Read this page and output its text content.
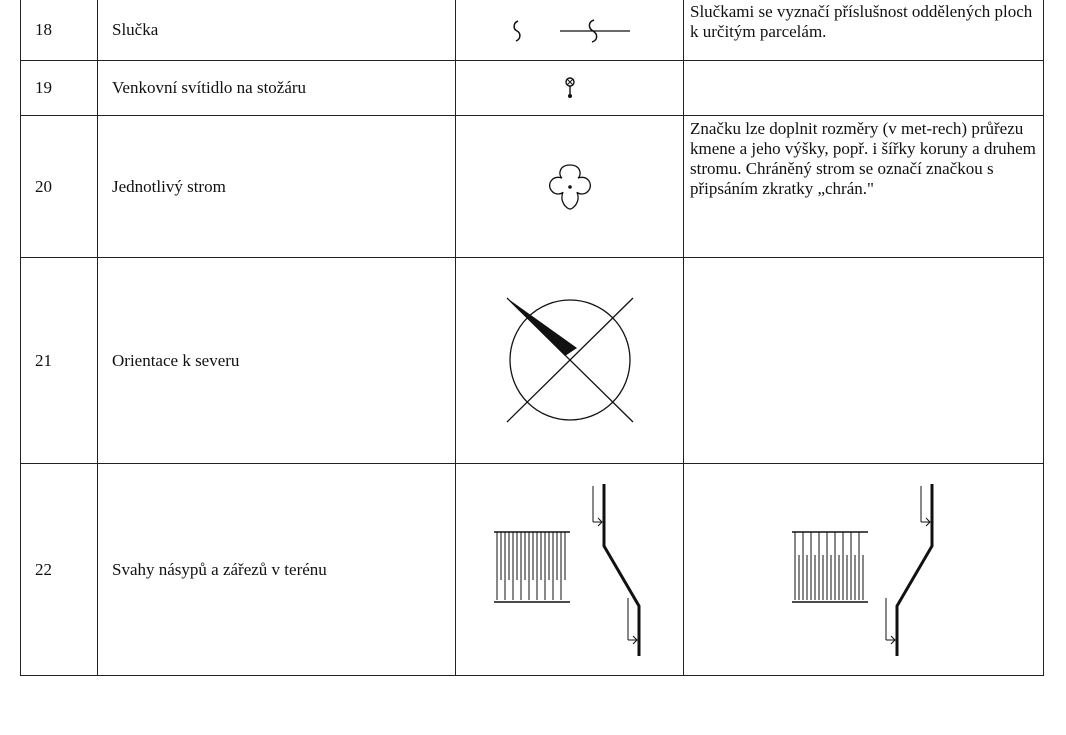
18	Slučka		Slučkami se vyznačí příslušnost oddělených ploch k určitým parcelám.
19	Venkovní svítidlo na stožáru	

20	Jednotlivý strom		Značku lze doplnit rozměry (v met-rech) průřezu kmene a jeho výšky, popř. i šířky koruny a druhem stromu. Chráněný strom se označí značkou s připsáním zkratky „chrán."
21	Orientace k severu	

22	Svahy násypů a zářezů v terénu	
